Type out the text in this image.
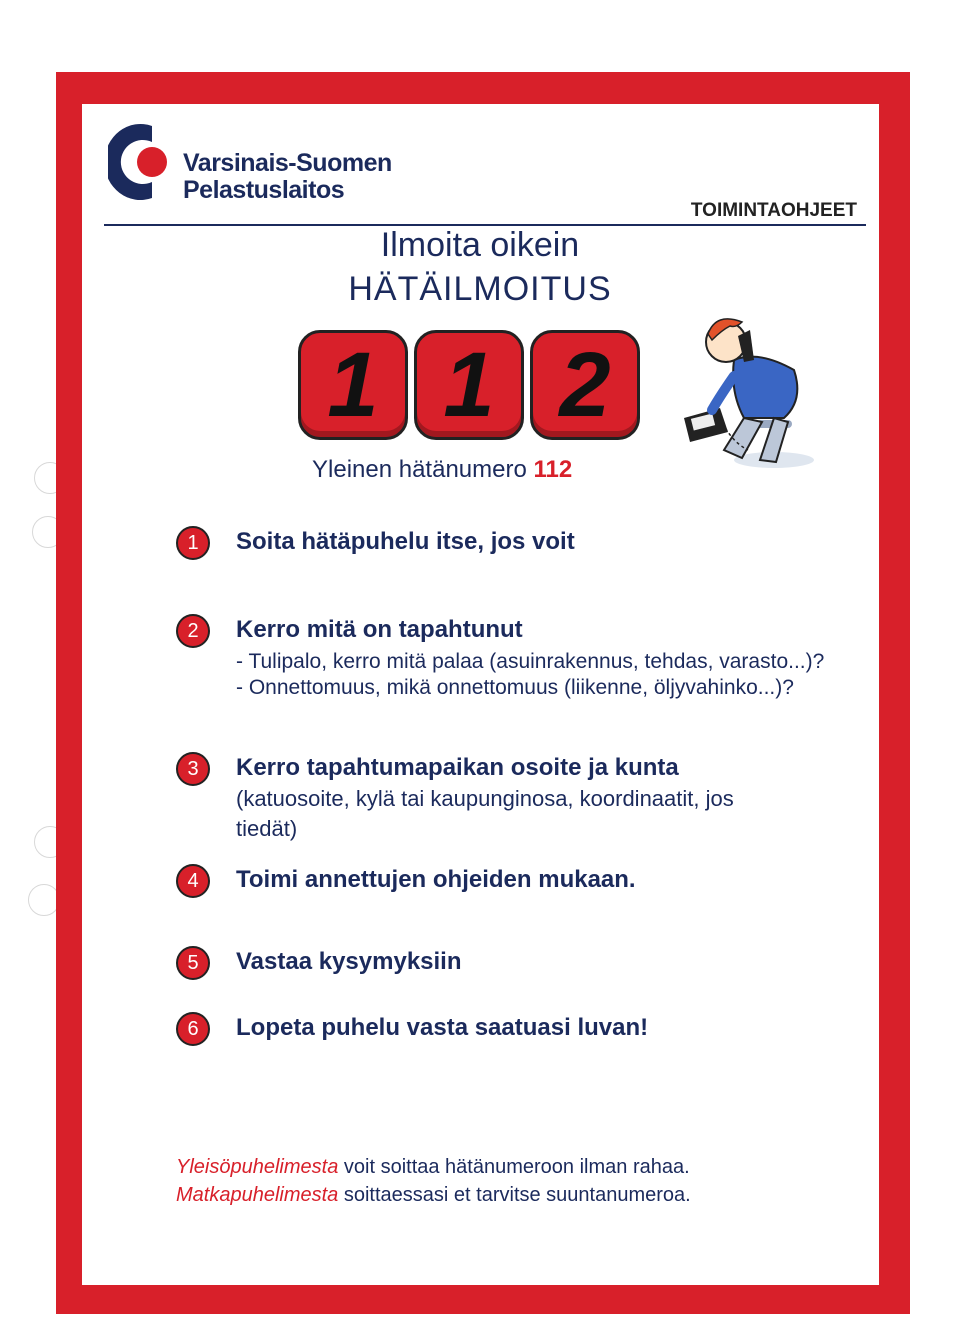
Varsinais-Suomen
Pelastuslaitos
TOIMINTAOHJEET
Ilmoita oikein
HÄTÄILMOITUS
1 1 2
Yleinen hätänumero 112
1	Soita hätäpuhelu itse, jos voit
2	Kerro mitä on tapahtunut
- Tulipalo, kerro mitä palaa (asuinrakennus, tehdas, varasto...)?
- Onnettomuus, mikä onnettomuus (liikenne, öljyvahinko...)?
3	Kerro tapahtumapaikan osoite ja kunta
(katuosoite, kylä tai kaupunginosa, koordinaatit, jos
tiedät)
4	Toimi annettujen ohjeiden mukaan.
5	Vastaa kysymyksiin
6	Lopeta puhelu vasta saatuasi luvan!
Yleisöpuhelimesta voit soittaa hätänumeroon ilman rahaa.
Matkapuhelimesta soittaessasi et tarvitse suuntanumeroa.
